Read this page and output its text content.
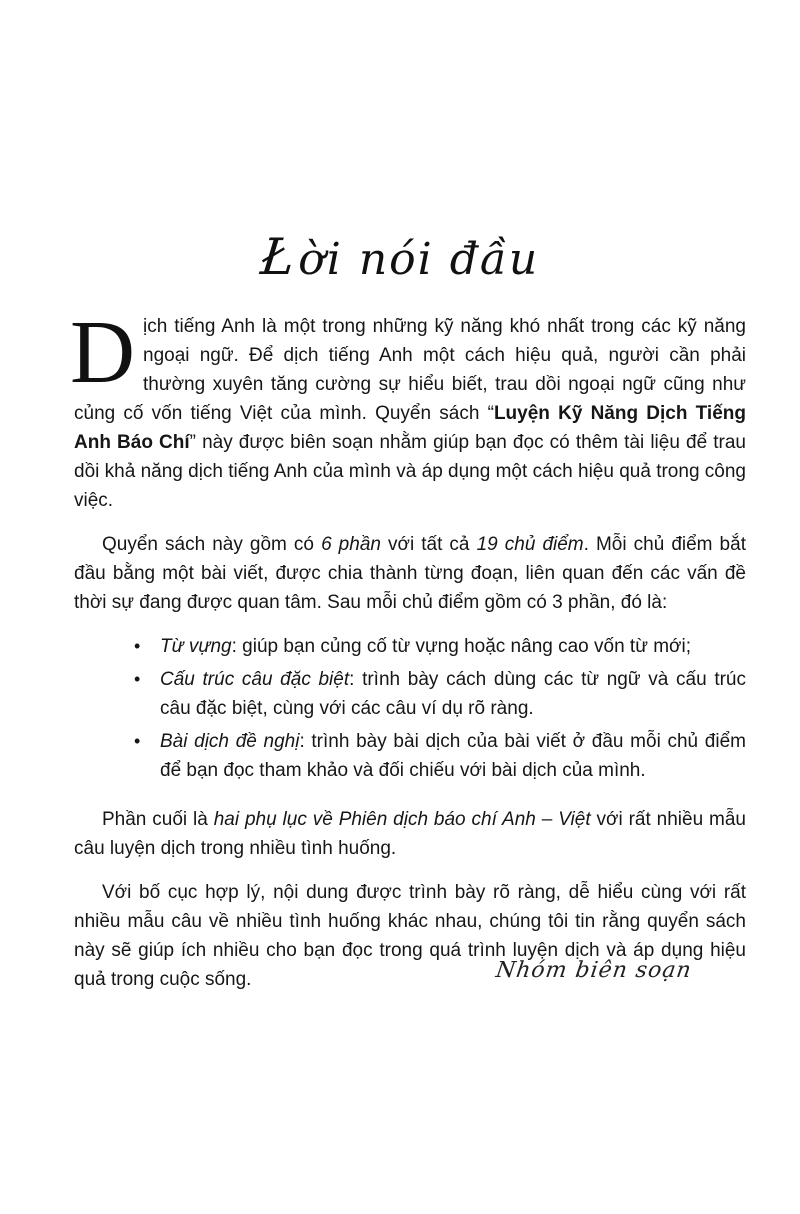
Łời nói đầu

Dịch tiếng Anh là một trong những kỹ năng khó nhất trong các kỹ năng ngoại ngữ. Để dịch tiếng Anh một cách hiệu quả, người cần phải thường xuyên tăng cường sự hiểu biết, trau dồi ngoại ngữ cũng như củng cố vốn tiếng Việt của mình. Quyển sách “Luyện Kỹ Năng Dịch Tiếng Anh Báo Chí” này được biên soạn nhằm giúp bạn đọc có thêm tài liệu để trau dồi khả năng dịch tiếng Anh của mình và áp dụng một cách hiệu quả trong công việc.

Quyển sách này gồm có 6 phần với tất cả 19 chủ điểm. Mỗi chủ điểm bắt đầu bằng một bài viết, được chia thành từng đoạn, liên quan đến các vấn đề thời sự đang được quan tâm. Sau mỗi chủ điểm gồm có 3 phần, đó là:

• Từ vựng: giúp bạn củng cố từ vựng hoặc nâng cao vốn từ mới;
• Cấu trúc câu đặc biệt: trình bày cách dùng các từ ngữ và cấu trúc câu đặc biệt, cùng với các câu ví dụ rõ ràng.
• Bài dịch đề nghị: trình bày bài dịch của bài viết ở đầu mỗi chủ điểm để bạn đọc tham khảo và đối chiếu với bài dịch của mình.

Phần cuối là hai phụ lục về Phiên dịch báo chí Anh – Việt với rất nhiều mẫu câu luyện dịch trong nhiều tình huống.

Với bố cục hợp lý, nội dung được trình bày rõ ràng, dễ hiểu cùng với rất nhiều mẫu câu về nhiều tình huống khác nhau, chúng tôi tin rằng quyển sách này sẽ giúp ích nhiều cho bạn đọc trong quá trình luyện dịch và áp dụng hiệu quả trong cuộc sống.	Nhóm biên soạn
